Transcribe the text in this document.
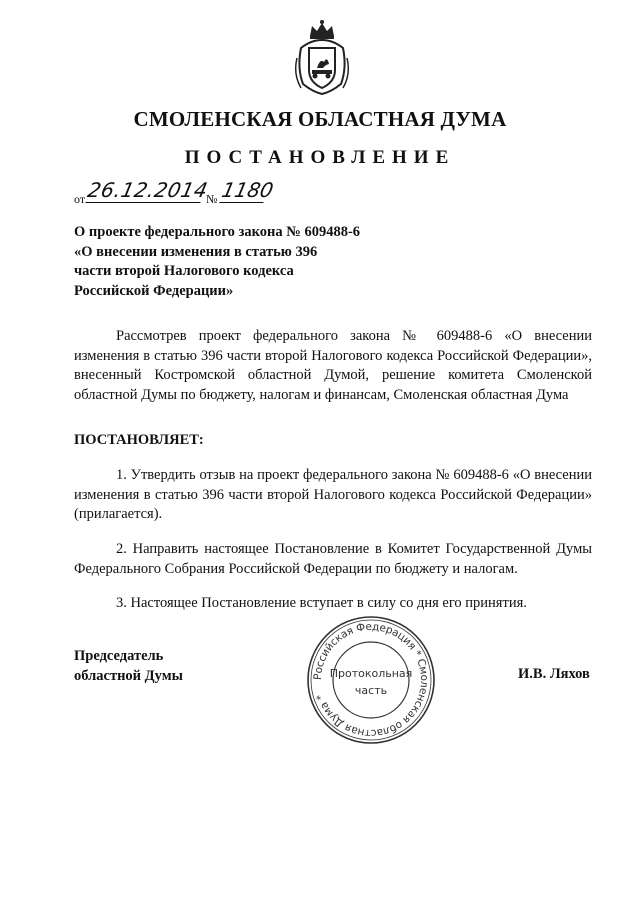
СМОЛЕНСКАЯ ОБЛАСТНАЯ ДУМА
ПОСТАНОВЛЕНИЕ
от 26.12.2014
№ 1180
О проекте федерального закона № 609488-6
«О внесении изменения в статью 396
части второй Налогового кодекса
Российской Федерации»
Рассмотрев проект федерального закона № 609488-6 «О внесении изменения в статью 396 части второй Налогового кодекса Российской Федерации», внесенный Костромской областной Думой, решение комитета Смоленской областной Думы по бюджету, налогам и финансам, Смоленская областная Дума
ПОСТАНОВЛЯЕТ:
1. Утвердить отзыв на проект федерального закона № 609488-6 «О внесении изменения в статью 396 части второй Налогового кодекса Российской Федерации» (прилагается).
2. Направить настоящее Постановление в Комитет Государственной Думы Федерального Собрания Российской Федерации по бюджету и налогам.
3. Настоящее Постановление вступает в силу со дня его принятия.
Председатель
областной Думы	Российская Федерация * Смоленская областная Дума *
Протокольная
часть
И.В. Ляхов
